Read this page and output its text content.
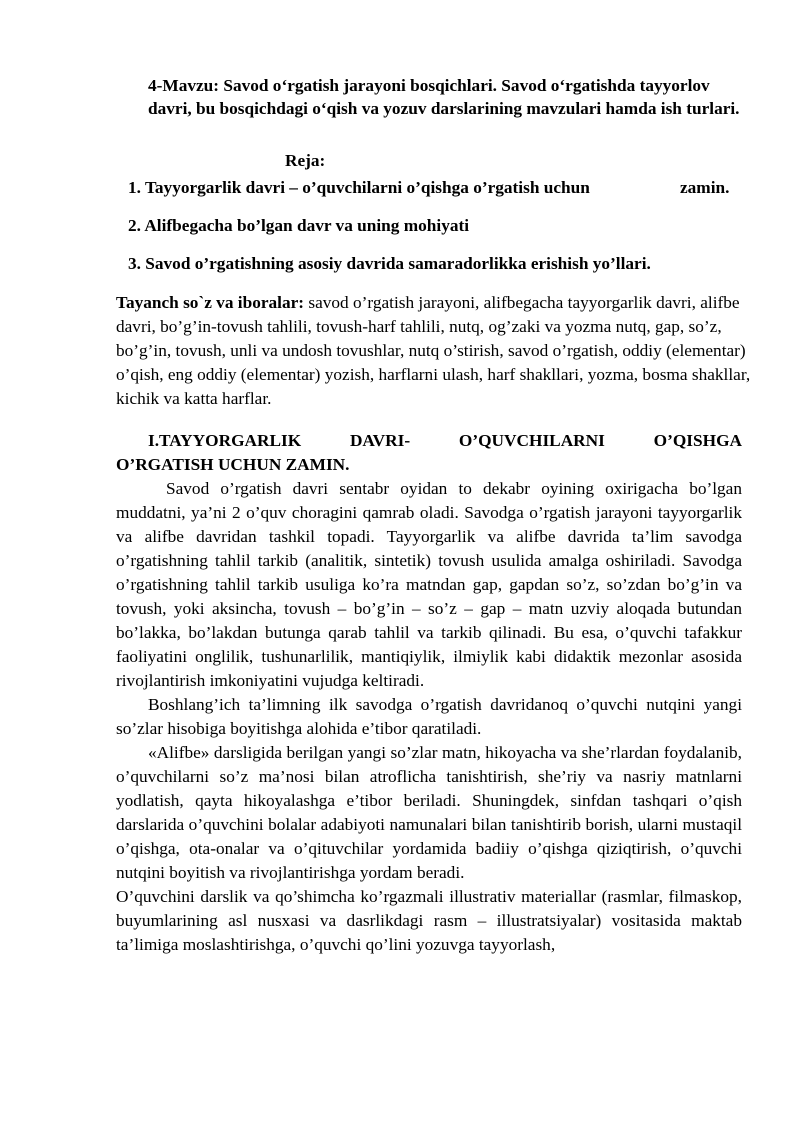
4-Mavzu: Savod oʻrgatish jarayoni bosqichlari. Savod oʻrgatishda tayyorlov davri, bu bosqichdagi oʻqish va yozuv darslarining mavzulari hamda ish turlari.
Reja:
1. Tayyorgarlik davri – o’quvchilarni o’qishga o’rgatish uchun	zamin.
2. Alifbegacha bo’lgan davr va uning mohiyati
3. Savod o’rgatishning asosiy davrida samaradorlikka erishish yo’llari.
Tayanch so`z va iboralar: savod o’rgatish jarayoni, alifbegacha tayyorgarlik davri, alifbe davri, bo’g’in-tovush tahlili, tovush-harf tahlili, nutq, og’zaki va yozma nutq, gap, so’z, bo’g’in, tovush, unli va undosh tovushlar, nutq o’stirish, savod o’rgatish, oddiy (elementar) o’qish, eng oddiy (elementar) yozish, harflarni ulash, harf shakllari, yozma, bosma shakllar, kichik va katta harflar.
I.TAYYORGARLIK DAVRI- O’QUVCHILARNI O’QISHGA
O’RGATISH UCHUN ZAMIN.

Savod o’rgatish davri sentabr oyidan to dekabr oyining oxirigacha bo’lgan muddatni, ya’ni 2 o’quv choragini qamrab oladi. Savodga o’rgatish jarayoni tayyorgarlik va alifbe davridan tashkil topadi. Tayyorgarlik va alifbe davrida ta’lim savodga o’rgatishning tahlil tarkib (analitik, sintetik) tovush usulida amalga oshiriladi. Savodga o’rgatishning tahlil tarkib usuliga ko’ra matndan gap, gapdan so’z, so’zdan bo’g’in va tovush, yoki aksincha, tovush – bo’g’in – so’z – gap – matn uzviy aloqada butundan bo’lakka, bo’lakdan butunga qarab tahlil va tarkib qilinadi. Bu esa, o’quvchi tafakkur faoliyatini onglilik, tushunarlilik, mantiqiylik, ilmiylik kabi didaktik mezonlar asosida rivojlantirish imkoniyatini vujudga keltiradi.

Boshlang’ich ta’limning ilk savodga o’rgatish davridanoq o’quvchi nutqini yangi so’zlar hisobiga boyitishga alohida e’tibor qaratiladi.

«Alifbe» darsligida berilgan yangi so’zlar matn, hikoyacha va she’rlardan foydalanib, o’quvchilarni so’z ma’nosi bilan atroflicha tanishtirish, she’riy va nasriy matnlarni yodlatish, qayta hikoyalashga e’tibor beriladi. Shuningdek, sinfdan tashqari o’qish darslarida o’quvchini bolalar adabiyoti namunalari bilan tanishtirib borish, ularni mustaqil o’qishga, ota-onalar va o’qituvchilar yordamida badiiy o’qishga qiziqtirish, o’quvchi nutqini boyitish va rivojlantirishga yordam beradi.

O’quvchini darslik va qo’shimcha ko’rgazmali illustrativ materiallar (rasmlar, filmaskop, buyumlarining asl nusxasi va dasrlikdagi rasm – illustratsiyalar) vositasida maktab ta’limiga moslashtirishga, o’quvchi qo’lini yozuvga tayyorlash,
